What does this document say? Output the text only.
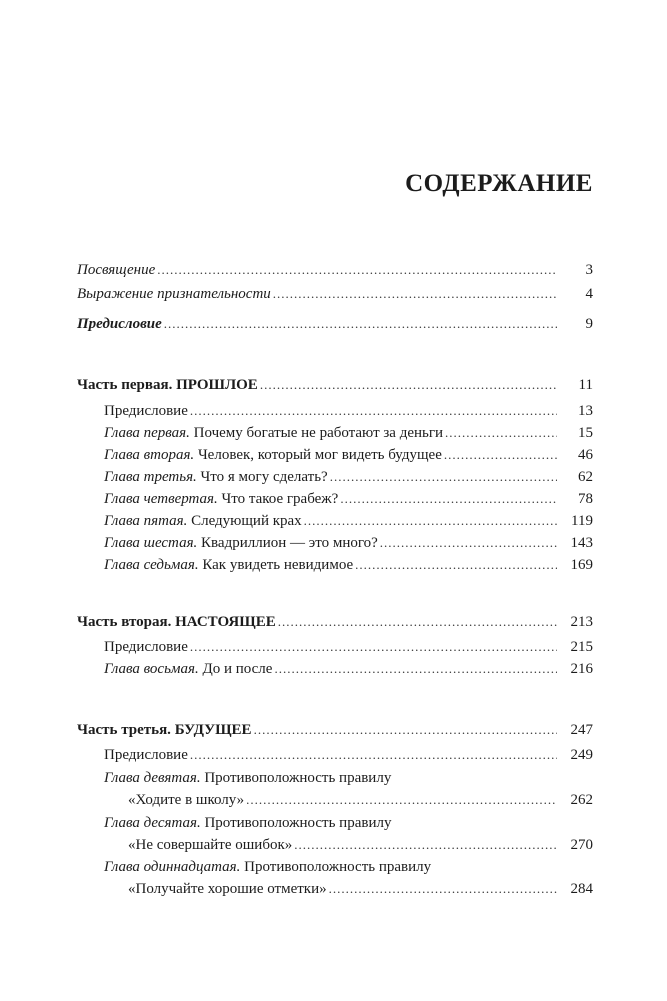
СОДЕРЖАНИЕ
Посвящение .....	3
Выражение признательности .....	4
Предисловие .....	9
Часть первая. ПРОШЛОЕ .....	11
Предисловие .....	13
Глава первая. Почему богатые не работают за деньги .....	15
Глава вторая. Человек, который мог видеть будущее .....	46
Глава третья. Что я могу сделать? .....	62
Глава четвертая. Что такое грабеж? .....	78
Глава пятая. Следующий крах .....	119
Глава шестая. Квадриллион — это много? .....	143
Глава седьмая. Как увидеть невидимое .....	169
Часть вторая. НАСТОЯЩЕЕ .....	213
Предисловие .....	215
Глава восьмая. До и после .....	216
Часть третья. БУДУЩЕЕ .....	247
Предисловие .....	249
Глава девятая. Противоположность правилу
«Ходите в школу» .....	262
Глава десятая. Противоположность правилу
«Не совершайте ошибок» .....	270
Глава одиннадцатая. Противоположность правилу
«Получайте хорошие отметки» .....	284
